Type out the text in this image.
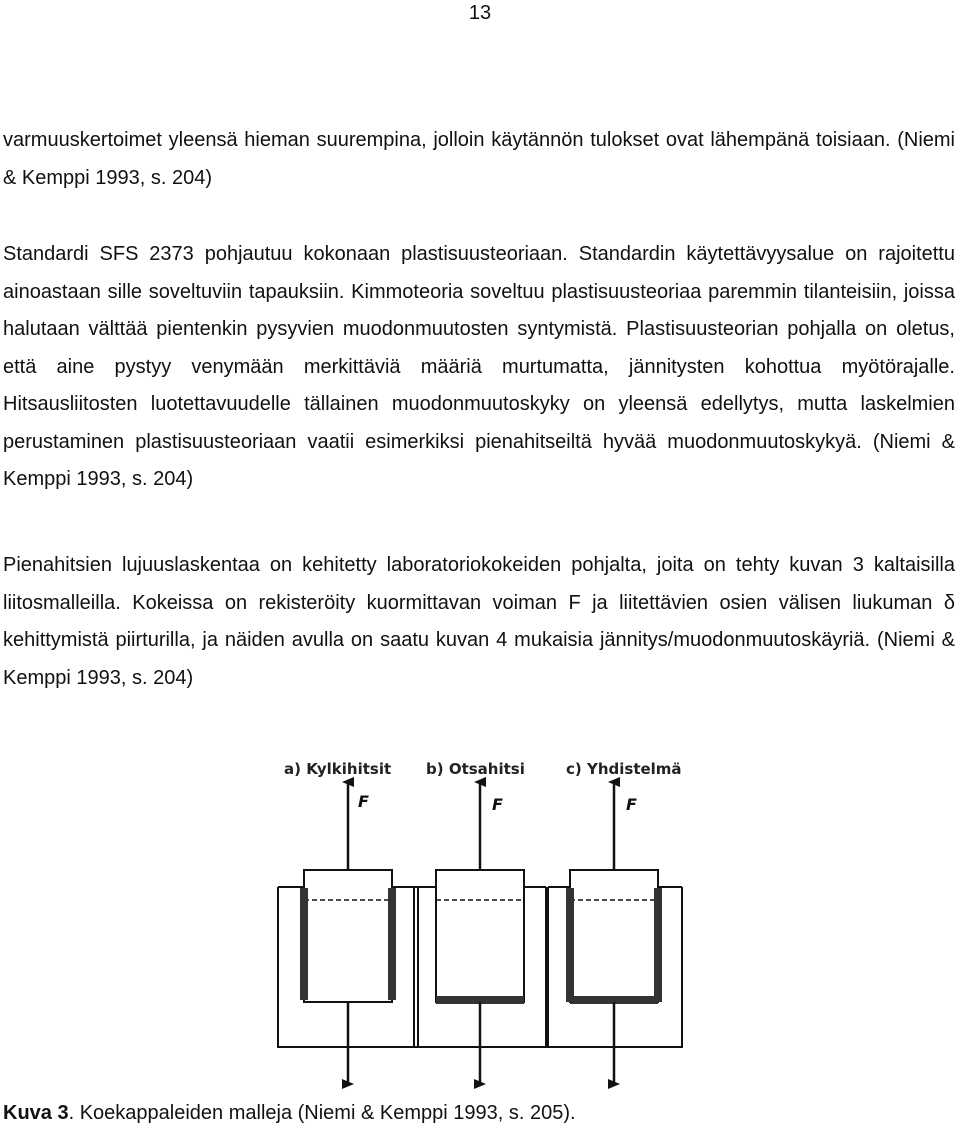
13

varmuuskertoimet yleensä hieman suurempina, jolloin käytännön tulokset ovat lähempänä toisiaan. (Niemi & Kemppi 1993, s. 204)

Standardi SFS 2373 pohjautuu kokonaan plastisuusteoriaan. Standardin käytettävyysalue on rajoitettu ainoastaan sille soveltuviin tapauksiin. Kimmoteoria soveltuu plastisuusteoriaa paremmin tilanteisiin, joissa halutaan välttää pientenkin pysyvien muodonmuutosten syntymistä. Plastisuusteorian pohjalla on oletus, että aine pystyy venymään merkittäviä määriä murtumatta, jännitysten kohottua myötörajalle. Hitsausliitosten luotettavuudelle tällainen muodonmuutoskyky on yleensä edellytys, mutta laskelmien perustaminen plastisuusteoriaan vaatii esimerkiksi pienahitseiltä hyvää muodonmuutoskykyä. (Niemi & Kemppi 1993, s. 204)

Pienahitsien lujuuslaskentaa on kehitetty laboratoriokokeiden pohjalta, joita on tehty kuvan 3 kaltaisilla liitosmalleilla. Kokeissa on rekisteröity kuormittavan voiman F ja liitettävien osien välisen liukuman δ kehittymistä piirturilla, ja näiden avulla on saatu kuvan 4 mukaisia jännitys/muodonmuutoskäyriä. (Niemi & Kemppi 1993, s. 204)

a) Kylkihitsit b) Otsahitsi	c) Yhdistelmä
F	F	F

Kuva 3. Koekappaleiden malleja (Niemi & Kemppi 1993, s. 205).
